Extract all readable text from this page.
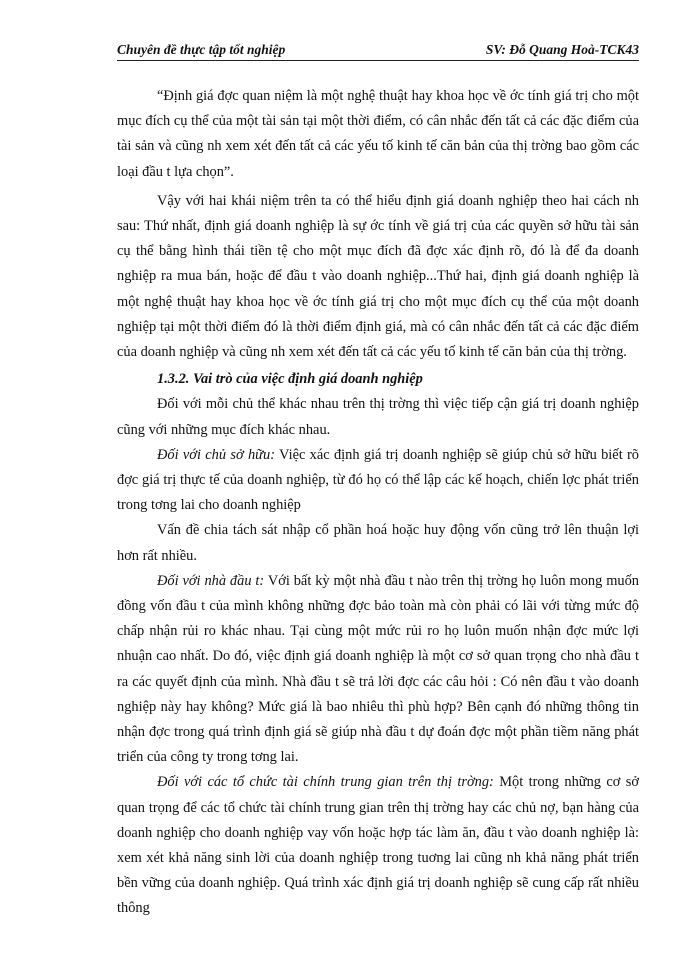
Chuyên đề thực tập tốt nghiệp	SV: Đỗ Quang Hoà-TCK43

“Định giá đợc quan niệm là một nghệ thuật hay khoa học về ớc tính giá trị cho một mục đích cụ thể của một tài sản tại một thời điểm, có cân nhắc đến tất cả các đặc điểm của tài sản và cũng nh xem xét đến tất cả các yếu tố kinh tế căn bản của thị trờng bao gồm các loại đầu t lựa chọn”.

Vậy với hai khái niệm trên ta có thể hiểu định giá doanh nghiệp theo hai cách nh sau: Thứ nhất, định giá doanh nghiệp là sự ớc tính về giá trị của các quyền sở hữu tài sản cụ thể bằng hình thái tiền tệ cho một mục đích đã đợc xác định rõ, đó là để đa doanh nghiệp ra mua bán, hoặc để đầu t vào doanh nghiệp...Thứ hai, định giá doanh nghiệp là một nghệ thuật hay khoa học về ớc tính giá trị cho một mục đích cụ thể của một doanh nghiệp tại một thời điểm đó là thời điểm định giá, mà có cân nhắc đến tất cả các đặc điểm của doanh nghiệp và cũng nh xem xét đến tất cả các yếu tố kinh tế căn bản của thị trờng.

1.3.2. Vai trò của việc định giá doanh nghiệp

Đối với mỗi chủ thể khác nhau trên thị trờng thì việc tiếp cận giá trị doanh nghiệp cũng với những mục đích khác nhau.

Đối với chủ sở hữu: Việc xác định giá trị doanh nghiệp sẽ giúp chủ sở hữu biết rõ đợc giá trị thực tế của doanh nghiệp, từ đó họ có thể lập các kế hoạch, chiến lợc phát triển trong tơng lai cho doanh nghiệp

Vấn đề chia tách sát nhập cổ phần hoá hoặc huy động vốn cũng trở lên thuận lợi hơn rất nhiều.

Đối với nhà đầu t: Với bất kỳ một nhà đầu t nào trên thị trờng họ luôn mong muốn đồng vốn đầu t của mình không những đợc bảo toàn mà còn phải có lãi với từng mức độ chấp nhận rủi ro khác nhau. Tại cùng một mức rủi ro họ luôn muốn nhận đợc mức lợi nhuận cao nhất. Do đó, việc định giá doanh nghiệp là một cơ sở quan trọng cho nhà đầu t ra các quyết định của mình. Nhà đầu t sẽ trả lời đợc các câu hỏi : Có nên đầu t vào doanh nghiệp này hay không? Mức giá là bao nhiêu thì phù hợp? Bên cạnh đó những thông tin nhận đợc trong quá trình định giá sẽ giúp nhà đầu t dự đoán đợc một phần tiềm năng phát triển của công ty trong tơng lai.

Đối với các tổ chức tài chính trung gian trên thị trờng: Một trong những cơ sở quan trọng để các tổ chức tài chính trung gian trên thị trờng hay các chủ nợ, bạn hàng của doanh nghiệp cho doanh nghiệp vay vốn hoặc hợp tác làm ăn, đầu t vào doanh nghiệp là: xem xét khả năng sinh lời của doanh nghiệp trong tuơng lai cũng nh khả năng phát triển bền vững của doanh nghiệp. Quá trình xác định giá trị doanh nghiệp sẽ cung cấp rất nhiều thông
